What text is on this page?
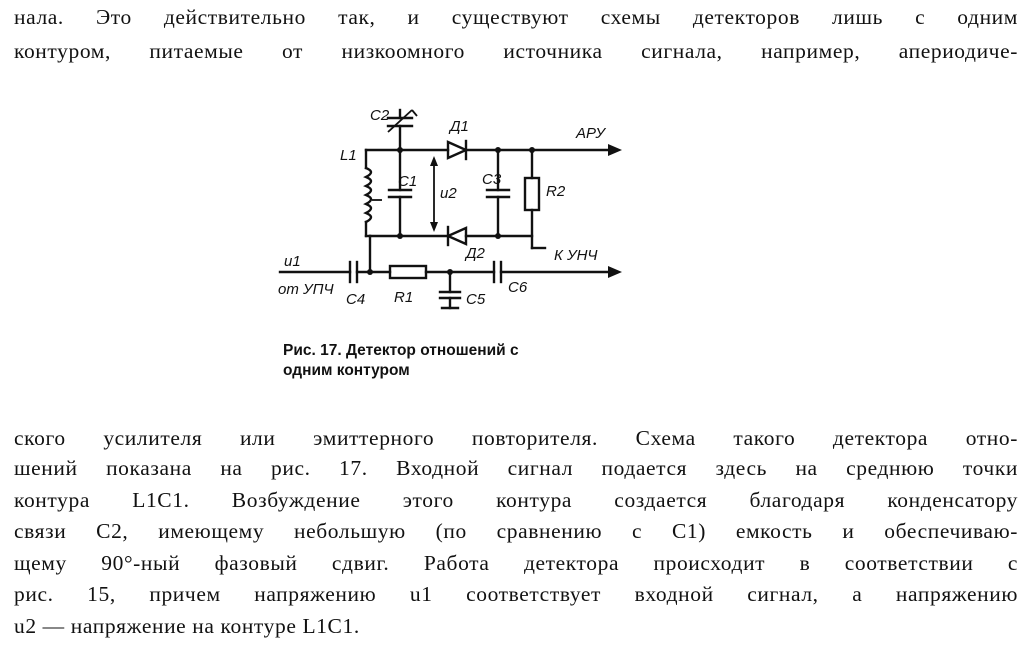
нала. Это действительно так, и существуют схемы детекторов лишь с одним
контуром, питаемые от низкоомного источника сигнала, например, апериодиче-
C2
Д1	АРУ
L1
C1
u2
C3
R2
Д2	К УНЧ
u1
от УПЧ
C4 R1	C5
C6
Рис. 17. Детектор отношений с
одним контуром
ского усилителя или эмиттерного повторителя. Схема такого детектора отно-
шений показана на рис. 17. Входной сигнал подается здесь на среднюю точки
контура L1C1. Возбуждение этого контура создается благодаря конденсатору
связи C2, имеющему небольшую (по сравнению с C1) емкость и обеспечиваю-
щему 90°-ный фазовый сдвиг. Работа детектора происходит в соответствии с
рис. 15, причем напряжению u1 соответствует входной сигнал, а напряжению
u2 — напряжение на контуре L1C1.
